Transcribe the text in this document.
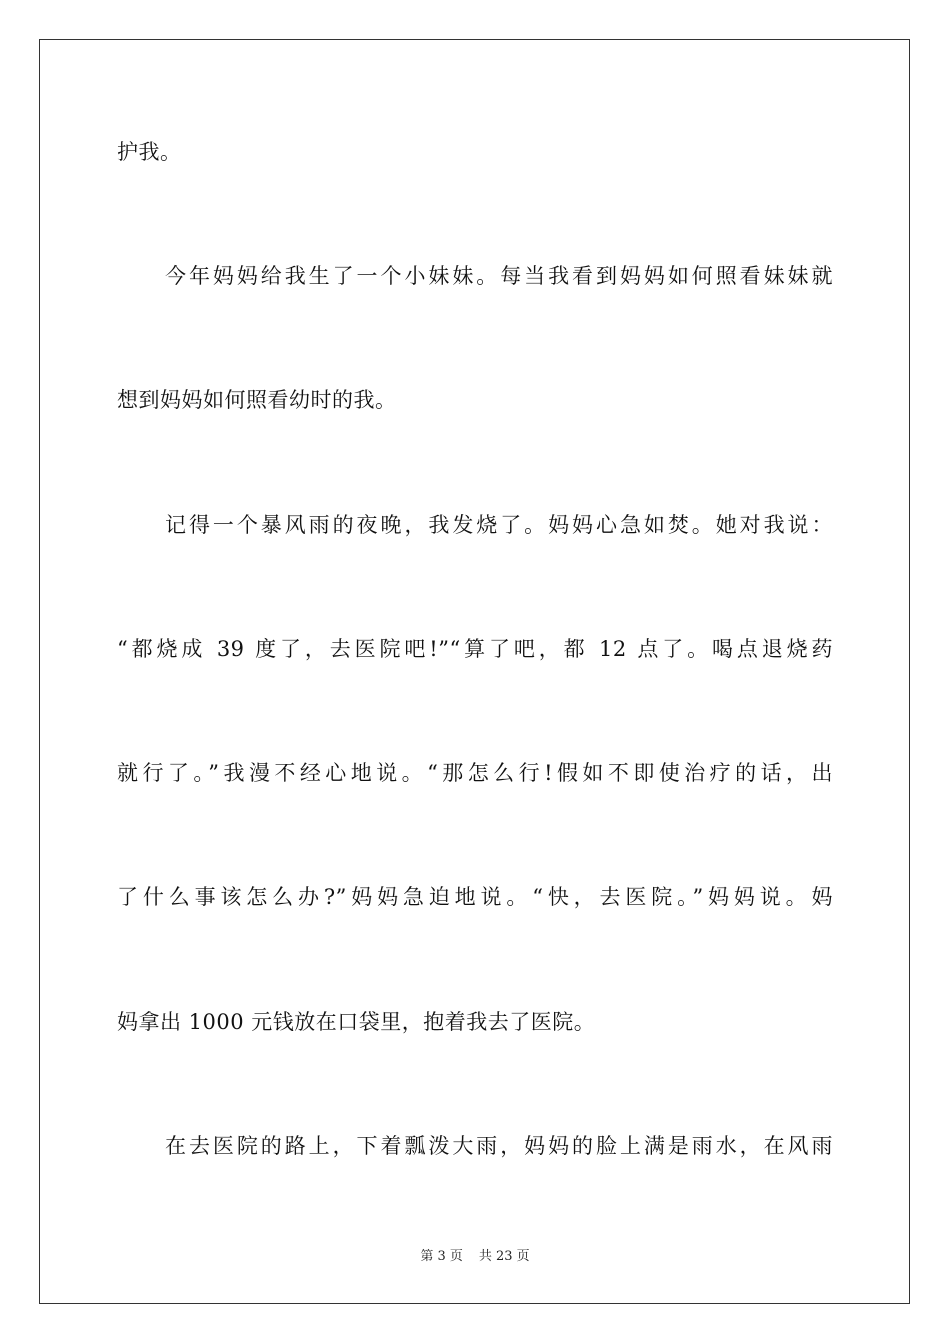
护我。
今年妈妈给我生了一个小妹妹。每当我看到妈妈如何照看妹妹就
想到妈妈如何照看幼时的我。
记得一个暴风雨的夜晚，我发烧了。妈妈心急如焚。她对我说：
“都烧成 39 度了，去医院吧!”“算了吧，都 12 点了。喝点退烧药
就行了。”我漫不经心地说。“那怎么行!假如不即使治疗的话，出
了什么事该怎么办?”妈妈急迫地说。“快，去医院。”妈妈说。妈
妈拿出 1000 元钱放在口袋里，抱着我去了医院。
在去医院的路上，下着瓢泼大雨，妈妈的脸上满是雨水，在风雨
第 3 页 共 23 页
